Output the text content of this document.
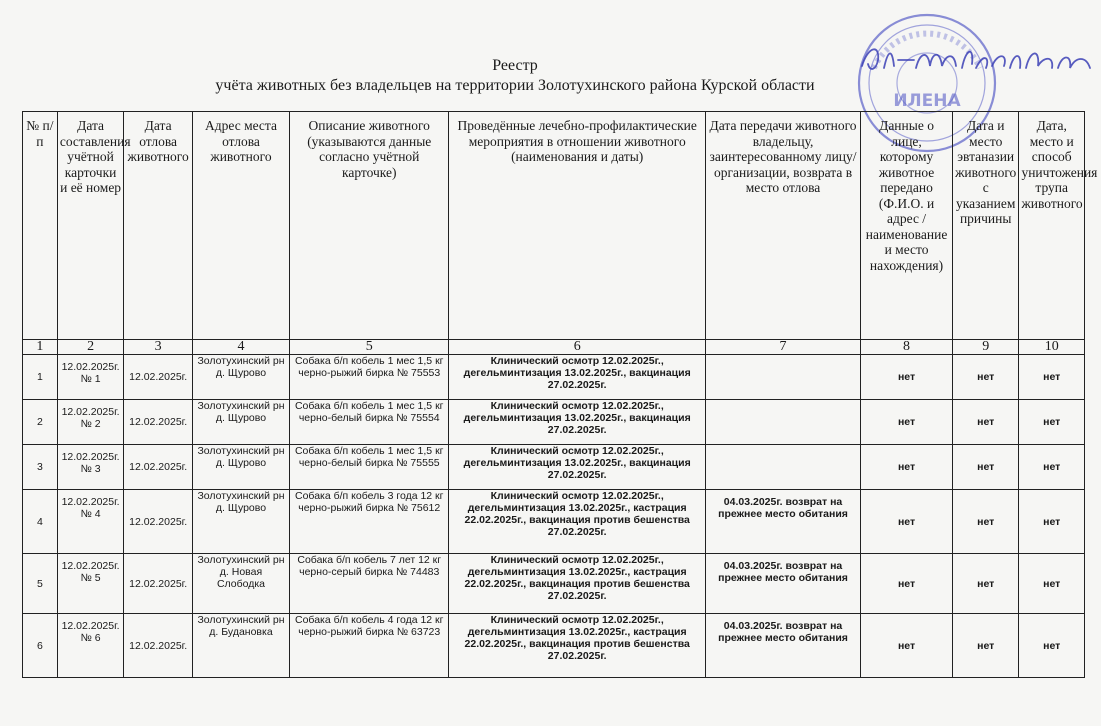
ИЛЕНА
Реестр
учёта животных без владельцев на территории Золотухинского района Курской области
№ п/п	Дата составления учётной карточки и её номер	Дата отлова животного	Адрес места отлова животного	Описание животного (указываются данные согласно учётной карточке)	Проведённые лечебно-профилактические мероприятия в отношении животного (наименования и даты)	Дата передачи животного владельцу, заинтересованному лицу/организации, возврата в место отлова	Данные о лице, которому животное передано (Ф.И.О. и адрес / наименование и место нахождения)	Дата и место эвтаназии животного с указанием причины	Дата, место и способ уничтожения трупа животного
1	2	3	4	5	6	7	8	9	10
1	12.02.2025г. № 1	12.02.2025г.	Золотухинский рн д. Щурово	Собака б/п кобель 1 мес 1,5 кг черно-рыжий бирка № 75553	Клинический осмотр 12.02.2025г., дегельминтизация 13.02.2025г., вакцинация 27.02.2025г.		нет	нет	нет
2	12.02.2025г. № 2	12.02.2025г.	Золотухинский рн д. Щурово	Собака б/п кобель 1 мес 1,5 кг черно-белый бирка № 75554	Клинический осмотр 12.02.2025г., дегельминтизация 13.02.2025г., вакцинация 27.02.2025г.		нет	нет	нет
3	12.02.2025г. № 3	12.02.2025г.	Золотухинский рн д. Щурово	Собака б/п кобель 1 мес 1,5 кг черно-белый бирка № 75555	Клинический осмотр 12.02.2025г., дегельминтизация 13.02.2025г., вакцинация 27.02.2025г.		нет	нет	нет
4	12.02.2025г. № 4	12.02.2025г.	Золотухинский рн д. Щурово	Собака б/п кобель 3 года 12 кг черно-рыжий бирка № 75612	Клинический осмотр 12.02.2025г., дегельминтизация 13.02.2025г., кастрация 22.02.2025г., вакцинация против бешенства 27.02.2025г.	04.03.2025г. возврат на прежнее место обитания	нет	нет	нет
5	12.02.2025г. № 5	12.02.2025г.	Золотухинский рн д. Новая Слободка	Собака б/п кобель 7 лет 12 кг черно-серый бирка № 74483	Клинический осмотр 12.02.2025г., дегельминтизация 13.02.2025г., кастрация 22.02.2025г., вакцинация против бешенства 27.02.2025г.	04.03.2025г. возврат на прежнее место обитания	нет	нет	нет
6	12.02.2025г. № 6	12.02.2025г.	Золотухинский рн д. Будановка	Собака б/п кобель 4 года 12 кг черно-рыжий бирка № 63723	Клинический осмотр 12.02.2025г., дегельминтизация 13.02.2025г., кастрация 22.02.2025г., вакцинация против бешенства 27.02.2025г.	04.03.2025г. возврат на прежнее место обитания	нет	нет	нет
